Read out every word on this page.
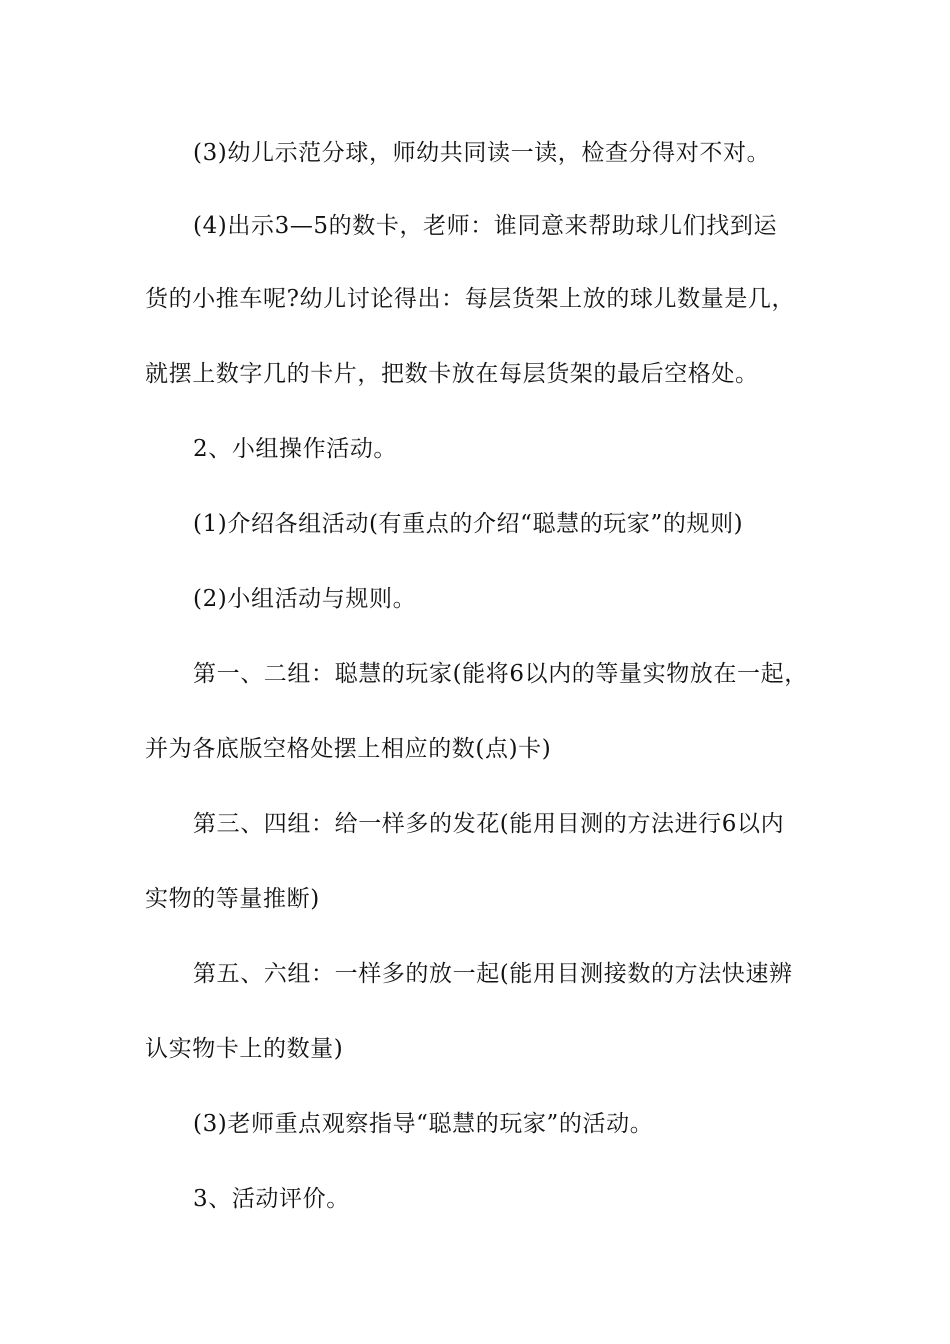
(3)幼儿示范分球，师幼共同读一读，检查分得对不对。
(4)出示3—5的数卡，老师：谁同意来帮助球儿们找到运
货的小推车呢?幼儿讨论得出：每层货架上放的球儿数量是几，
就摆上数字几的卡片，把数卡放在每层货架的最后空格处。
2、小组操作活动。
(1)介绍各组活动(有重点的介绍“聪慧的玩家”的规则)
(2)小组活动与规则。
第一、二组：聪慧的玩家(能将6以内的等量实物放在一起，
并为各底版空格处摆上相应的数(点)卡)
第三、四组：给一样多的发花(能用目测的方法进行6以内
实物的等量推断)
第五、六组：一样多的放一起(能用目测接数的方法快速辨
认实物卡上的数量)
(3)老师重点观察指导“聪慧的玩家”的活动。
3、活动评价。
